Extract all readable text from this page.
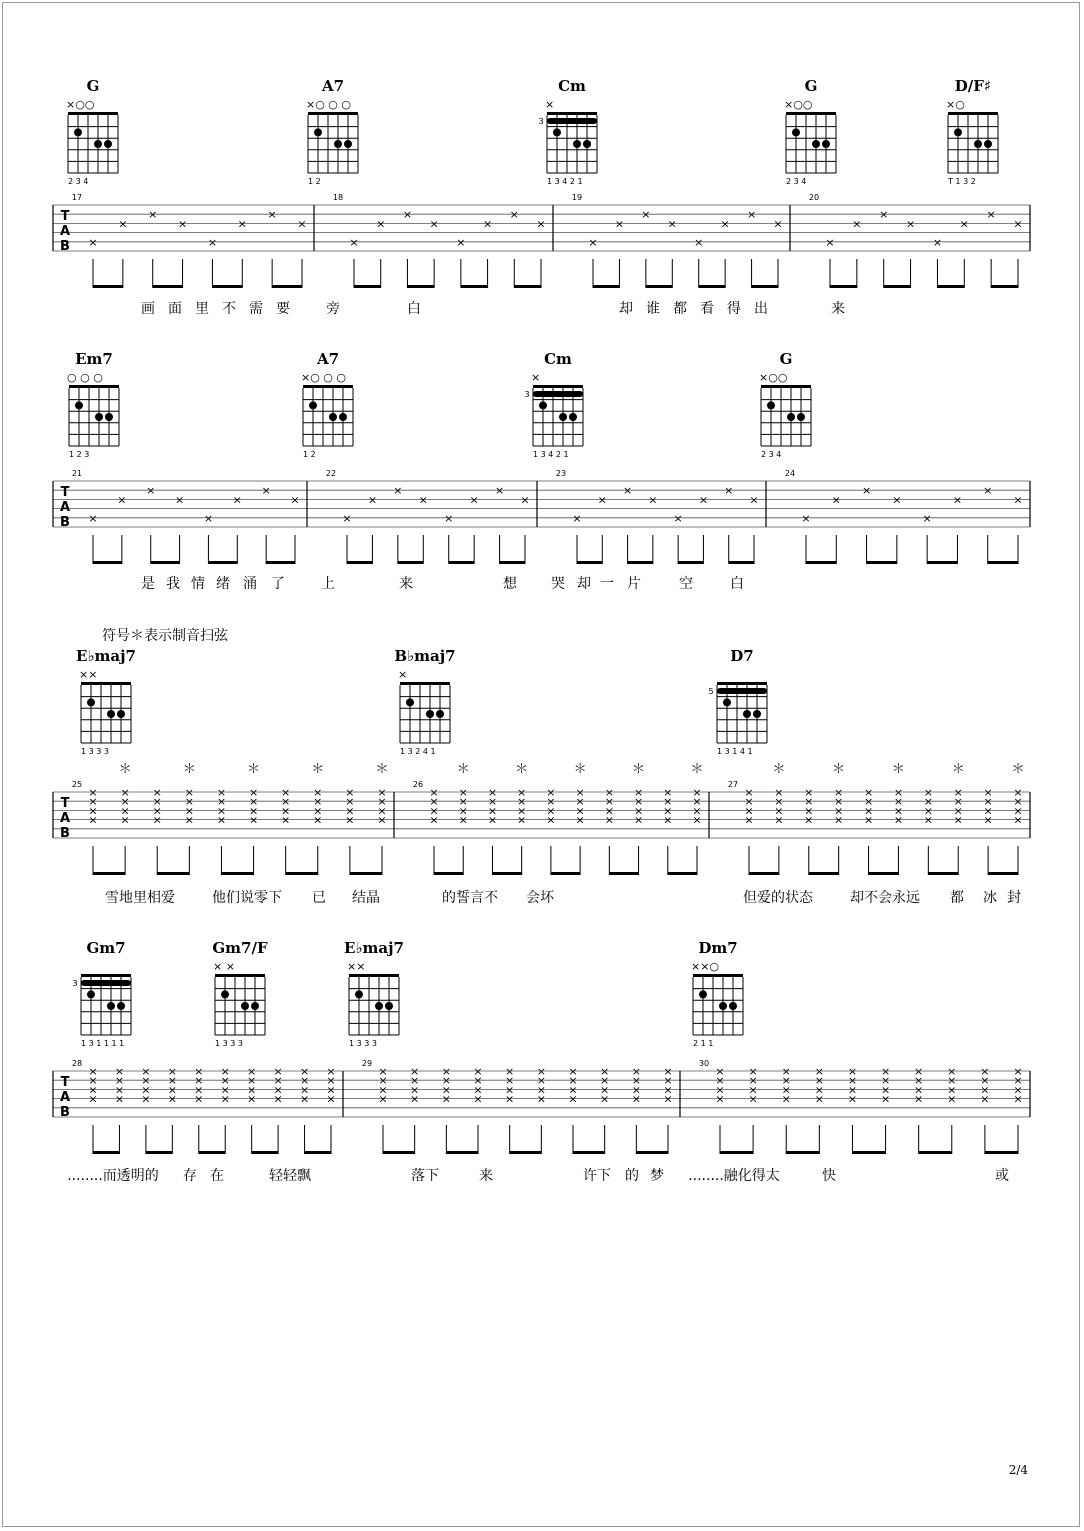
T
A
B
17	18	19	20
×
×
×
×
×
×
×
×
×
×
×
×
×
×
×
×
×
×
×
×
×
×
×
×
×
×
×
×
×
×
×
×
画 面 里 不 需 要	旁	白	却 谁 都 看 得 出	来
G
×○○
2 3 4
A7
×○ ○ ○
1 2
Cm
×
3
1 3 4 2 1
G
×○○
2 3 4
D/F♯
×○
T 1 3 2
T
A
B
21	22	23	24
×
×
×
×
×
×
×
×
×
×
×
×
×
×
×
×
×
×
×
×
×
×
×
×
×
×
×
×
×
×
×
×
是 我 情 绪 涌 了	上	来	想 哭 却 一 片	空	白
Em7
○ ○ ○
1 2 3
A7
×○ ○ ○
1 2
Cm
×
3
1 3 4 2 1
G
×○○
2 3 4
T
A
B
25	26	27
×
×
×
×
×
×
×
×
＊
×
×
×
×
×
×
×
×
＊
×
×
×
×
×
×
×
×
＊
×
×
×
×
×
×
×
×
＊
×
×
×
×
×
×
×
×
＊
×
×
×
×
×
×
×
×
＊
×
×
×
×
×
×
×
×
＊
×
×
×
×
×
×
×
×
＊
×
×
×
×
×
×
×
×
＊
×
×
×
×
×
×
×
×
＊
×
×
×
×
×
×
×
×
＊
×
×
×
×
×
×
×
×
＊
×
×
×
×
×
×
×
×
＊
×
×
×
×
×
×
×
×
＊
×
×
×
×
×
×
×
×
＊
雪地里相爱	他们说零下 已 结晶	的誓言不 会坏	但爱的状态	却不会永远 都 冰 封
E♭maj7
××
1 3 3 3
B♭maj7
×
1 3 2 4 1
D7
5
1 3 1 4 1
T
A
B
28	29	30
×
×
×
×
×
×
×
×
×
×
×
×
×
×
×
×
×
×
×
×
×
×
×
×
×
×
×
×
×
×
×
×
×
×
×
×
×
×
×
×
×
×
×
×
×
×
×
×
×
×
×
×
×
×
×
×
×
×
×
×
×
×
×
×
×
×
×
×
×
×
×
×
×
×
×
×
×
×
×
×
×
×
×
×
×
×
×
×
×
×
×
×
×
×
×
×
×
×
×
×
×
×
×
×
×
×
×
×
×
×
×
×
×
×
×
×
×
×
×
×
........而透明的 存 在	轻轻飘	落下	来	许下 的 梦 ........融化得太	快	或
Gm7
3
1 3 1 1 1 1
Gm7/F
× ×
1 3 3 3
E♭maj7
××
1 3 3 3
Dm7
××○
2 1 1
符号＊表示制音扫弦
2/4
